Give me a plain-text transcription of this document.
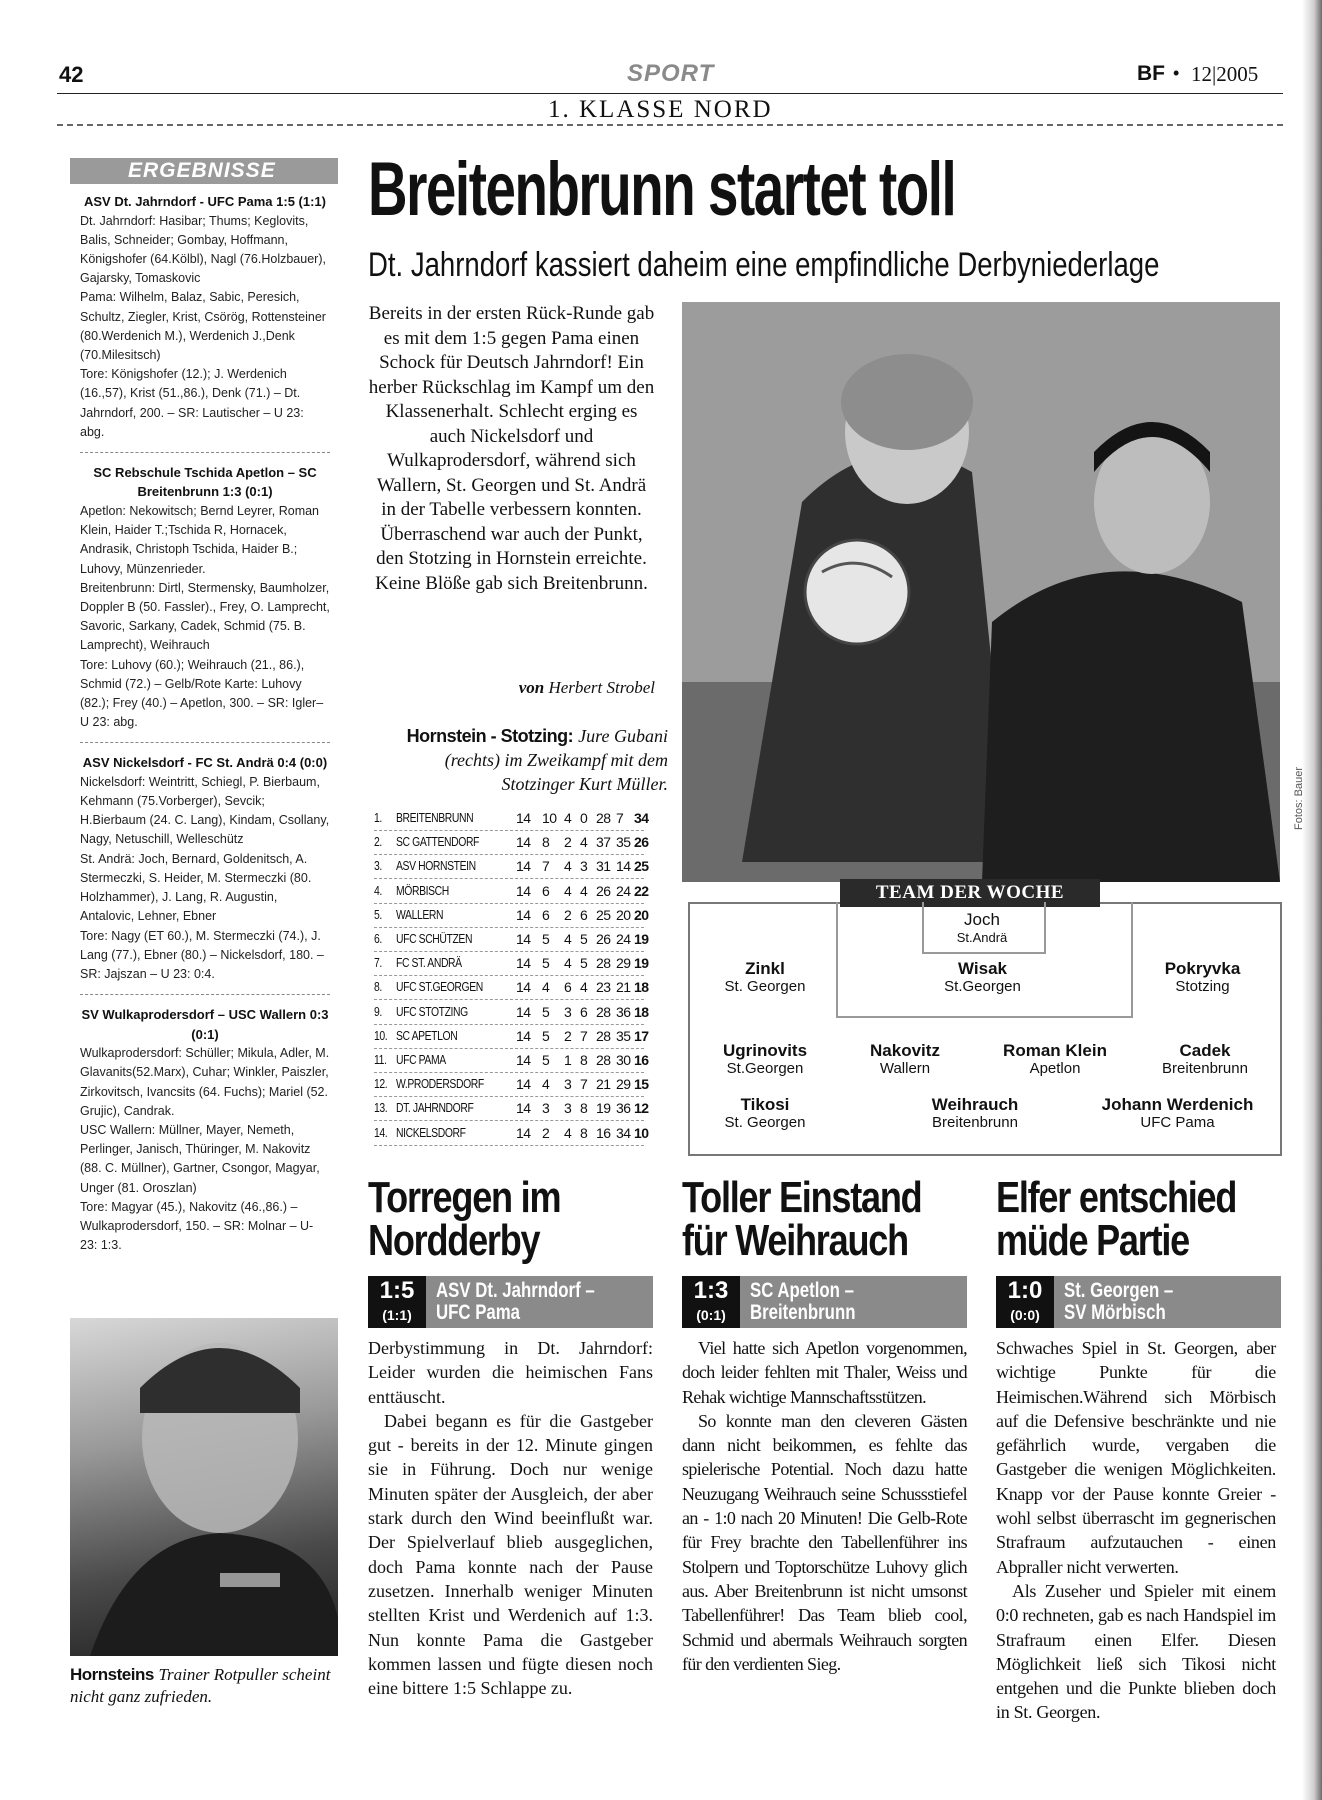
42	SPORT	BF • 12|2005
1. KLASSE NORD
ERGEBNISSE
ASV Dt. Jahrndorf - UFC Pama 1:5 (1:1)

Dt. Jahrndorf: Hasibar; Thums; Keglovits, Balis, Schneider; Gombay, Hoffmann, Königshofer (64.Kölbl), Nagl (76.Holzbauer), Gajarsky, Tomaskovic

Pama: Wilhelm, Balaz, Sabic, Peresich, Schultz, Ziegler, Krist, Csörög, Rottensteiner (80.Werdenich M.), Werdenich J.,Denk (70.Milesitsch)

Tore: Königshofer (12.); J. Werdenich (16.,57), Krist (51.,86.), Denk (71.) – Dt. Jahrndorf, 200. – SR: Lautischer – U 23: abg.

SC Rebschule Tschida Apetlon – SC Breitenbrunn 1:3 (0:1)

Apetlon: Nekowitsch; Bernd Leyrer, Roman Klein, Haider T.;Tschida R, Hornacek, Andrasik, Christoph Tschida, Haider B.; Luhovy, Münzenrieder.

Breitenbrunn: Dirtl, Stermensky, Baumholzer, Doppler B (50. Fassler)., Frey, O. Lamprecht, Savoric, Sarkany, Cadek, Schmid (75. B. Lamprecht), Weihrauch

Tore: Luhovy (60.); Weihrauch (21., 86.), Schmid (72.) – Gelb/Rote Karte: Luhovy (82.); Frey (40.) – Apetlon, 300. – SR: Igler– U 23: abg.

ASV Nickelsdorf - FC St. Andrä 0:4 (0:0)

Nickelsdorf: Weintritt, Schiegl, P. Bierbaum, Kehmann (75.Vorberger), Sevcik; H.Bierbaum (24. C. Lang), Kindam, Csollany, Nagy, Netuschill, Welleschütz

St. Andrä: Joch, Bernard, Goldenitsch, A. Stermeczki, S. Heider, M. Stermeczki (80. Holzhammer), J. Lang, R. Augustin, Antalovic, Lehner, Ebner

Tore: Nagy (ET 60.), M. Stermeczki (74.), J. Lang (77.), Ebner (80.) – Nickelsdorf, 180. – SR: Jajszan – U 23: 0:4.

SV Wulkaprodersdorf – USC Wallern 0:3 (0:1)

Wulkaprodersdorf: Schüller; Mikula, Adler, M. Glavanits(52.Marx), Cuhar; Winkler, Paiszler, Zirkovitsch, Ivancsits (64. Fuchs); Mariel (52. Grujic), Candrak.

USC Wallern: Müllner, Mayer, Nemeth, Perlinger, Janisch, Thüringer, M. Nakovitz (88. C. Müllner), Gartner, Csongor, Magyar, Unger (81. Oroszlan)

Tore: Magyar (45.), Nakovitz (46.,86.) – Wulkaprodersdorf, 150. – SR: Molnar – U-23: 1:3.

Hornsteins Trainer Rotpuller scheint nicht ganz zufrieden.
Breitenbrunn startet toll
Dt. Jahrndorf kassiert daheim eine empfindliche Derbyniederlage
Bereits in der ersten Rück-Runde gab es mit dem 1:5 gegen Pama einen Schock für Deutsch Jahrndorf! Ein herber Rückschlag im Kampf um den Klassenerhalt. Schlecht erging es auch Nickelsdorf und Wulkaprodersdorf, während sich Wallern, St. Georgen und St. Andrä in der Tabelle verbessern konnten. Überraschend war auch der Punkt, den Stotzing in Hornstein erreichte. Keine Blöße gab sich Breitenbrunn.
von Herbert Strobel
Hornstein - Stotzing: Jure Gubani (rechts) im Zweikampf mit dem Stotzinger Kurt Müller.	Fotos: Bauer
1. BREITENBRUNN	14 10 4 0 28 7 34
2. SC GATTENDORF	14 8 2 4 37 35 26
3. ASV HORNSTEIN	14 7 4 3 31 14 25
4. MÖRBISCH	14 6 4 4 26 24 22
5. WALLERN	14 6 2 6 25 20 20
6. UFC SCHÜTZEN	14 5 4 5 26 24 19
7. FC ST. ANDRÄ	14 5 4 5 28 29 19
8. UFC ST.GEORGEN 14 4 6 4 23 21 18
9. UFC STOTZING	14 5 3 6 28 36 18
10. SC APETLON	14 5 2 7 28 35 17
11. UFC PAMA	14 5 1 8 28 30 16
12. W.PRODERSDORF 14 4 3 7 21 29 15
13. DT. JAHRNDORF	14 3 3 8 19 36 12
14. NICKELSDORF	14 2 4 8 16 34 10
TEAM DER WOCHE
Joch
St.Andrä
Zinkl
St. Georgen
Wisak
St.Georgen
Pokryvka
Stotzing
Ugrinovits
St.Georgen
Nakovitz
Wallern
Roman Klein
Apetlon
Cadek
Breitenbrunn
Tikosi
St. Georgen
Weihrauch
Breitenbrunn
Johann Werdenich
UFC Pama
Torregen im
Nordderby
1:5
(1:1)
ASV Dt. Jahrndorf –
UFC Pama

Derbystimmung in Dt. Jahrndorf: Leider wurden die heimischen Fans enttäuscht.

Dabei begann es für die Gastgeber gut - bereits in der 12. Minute gingen sie in Führung. Doch nur wenige Minuten später der Ausgleich, der aber stark durch den Wind beeinflußt war. Der Spielverlauf blieb ausgeglichen, doch Pama konnte nach der Pause zusetzen. Innerhalb weniger Minuten stellten Krist und Werdenich auf 1:3. Nun konnte Pama die Gastgeber kommen lassen und fügte diesen noch eine bittere 1:5 Schlappe zu.

Toller Einstand
für Weihrauch
1:3
(0:1)
SC Apetlon –
Breitenbrunn

Viel hatte sich Apetlon vorgenommen, doch leider fehlten mit Thaler, Weiss und Rehak wichtige Mannschaftsstützen.

So konnte man den cleveren Gästen dann nicht beikommen, es fehlte das spielerische Potential. Noch dazu hatte Neuzugang Weihrauch seine Schussstiefel an - 1:0 nach 20 Minuten! Die Gelb-Rote für Frey brachte den Tabellenführer ins Stolpern und Toptorschütze Luhovy glich aus. Aber Breitenbrunn ist nicht umsonst Tabellenführer! Das Team blieb cool, Schmid und abermals Weihrauch sorgten für den verdienten Sieg.

Elfer entschied
müde Partie
1:0
(0:0)
St. Georgen –
SV Mörbisch

Schwaches Spiel in St. Georgen, aber wichtige Punkte für die Heimischen.Während sich Mörbisch auf die Defensive beschränkte und nie gefährlich wurde, vergaben die Gastgeber die wenigen Möglichkeiten. Knapp vor der Pause konnte Greier - wohl selbst überrascht im gegnerischen Strafraum aufzutauchen - einen Abpraller nicht verwerten.

Als Zuseher und Spieler mit einem 0:0 rechneten, gab es nach Handspiel im Strafraum einen Elfer. Diesen Möglichkeit ließ sich Tikosi nicht entgehen und die Punkte blieben doch in St. Georgen.
